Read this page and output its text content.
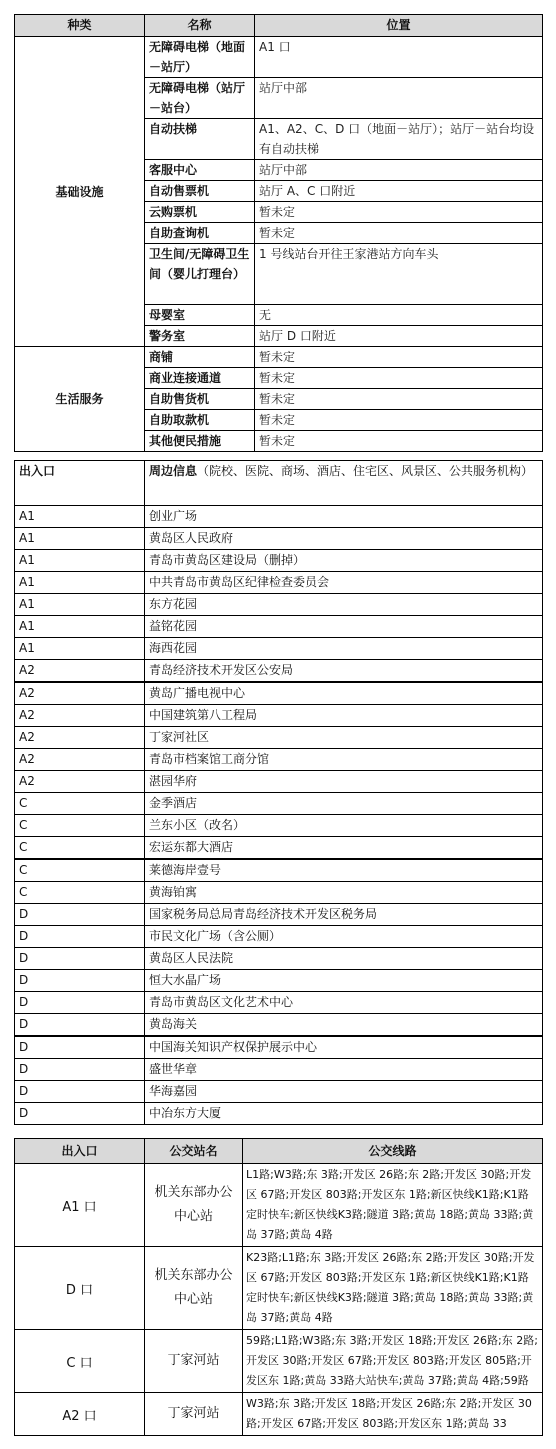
种类	名称	位置
基础设施	无障碍电梯（地面－站厅）	A1 口
	无障碍电梯（站厅－站台）	站厅中部
	自动扶梯	A1、A2、C、D 口（地面－站厅）；站厅－站台均设有自动扶梯
	客服中心	站厅中部
	自动售票机	站厅 A、C 口附近
	云购票机	暂未定
	自助查询机	暂未定
	卫生间/无障碍卫生间（婴儿打理台）	1 号线站台开往王家港站方向车头
	母婴室	无
	警务室	站厅 D 口附近
生活服务	商铺	暂未定
	商业连接通道	暂未定
	自助售货机	暂未定
	自助取款机	暂未定
	其他便民措施	暂未定
出入口	周边信息（院校、医院、商场、酒店、住宅区、风景区、公共服务机构）
A1	创业广场
A1	黄岛区人民政府
A1	青岛市黄岛区建设局（删掉）
A1	中共青岛市黄岛区纪律检查委员会
A1	东方花园
A1	益铭花园
A1	海西花园
A2	青岛经济技术开发区公安局
A2	黄岛广播电视中心
A2	中国建筑第八工程局
A2	丁家河社区
A2	青岛市档案馆工商分馆
A2	湛园华府
C	金季酒店
C	兰东小区（改名）
C	宏运东都大酒店
C	莱德海岸壹号
C	黄海铂寓
D	国家税务局总局青岛经济技术开发区税务局
D	市民文化广场（含公厕）
D	黄岛区人民法院
D	恒大水晶广场
D	青岛市黄岛区文化艺术中心
D	黄岛海关
D	中国海关知识产权保护展示中心
D	盛世华章
D	华海嘉园
D	中冶东方大厦
出入口	公交站名	公交线路
A1 口	机关东部办公中心站	L1路;W3路;东 3路;开发区 26路;东 2路;开发区 30路;开发区 67路;开发区 803路;开发区东 1路;新区快线K1路;K1路定时快车;新区快线K3路;隧道 3路;黄岛 18路;黄岛 33路;黄岛 37路;黄岛 4路
D 口	机关东部办公中心站	K23路;L1路;东 3路;开发区 26路;东 2路;开发区 30路;开发区 67路;开发区 803路;开发区东 1路;新区快线K1路;K1路定时快车;新区快线K3路;隧道 3路;黄岛 18路;黄岛 33路;黄岛 37路;黄岛 4路
C 口	丁家河站	59路;L1路;W3路;东 3路;开发区 18路;开发区 26路;东 2路;开发区 30路;开发区 67路;开发区 803路;开发区 805路;开发区东 1路;黄岛 33路大站快车;黄岛 37路;黄岛 4路;59路
A2 口	丁家河站	W3路;东 3路;开发区 18路;开发区 26路;东 2路;开发区 30路;开发区 67路;开发区 803路;开发区东 1路;黄岛 33
